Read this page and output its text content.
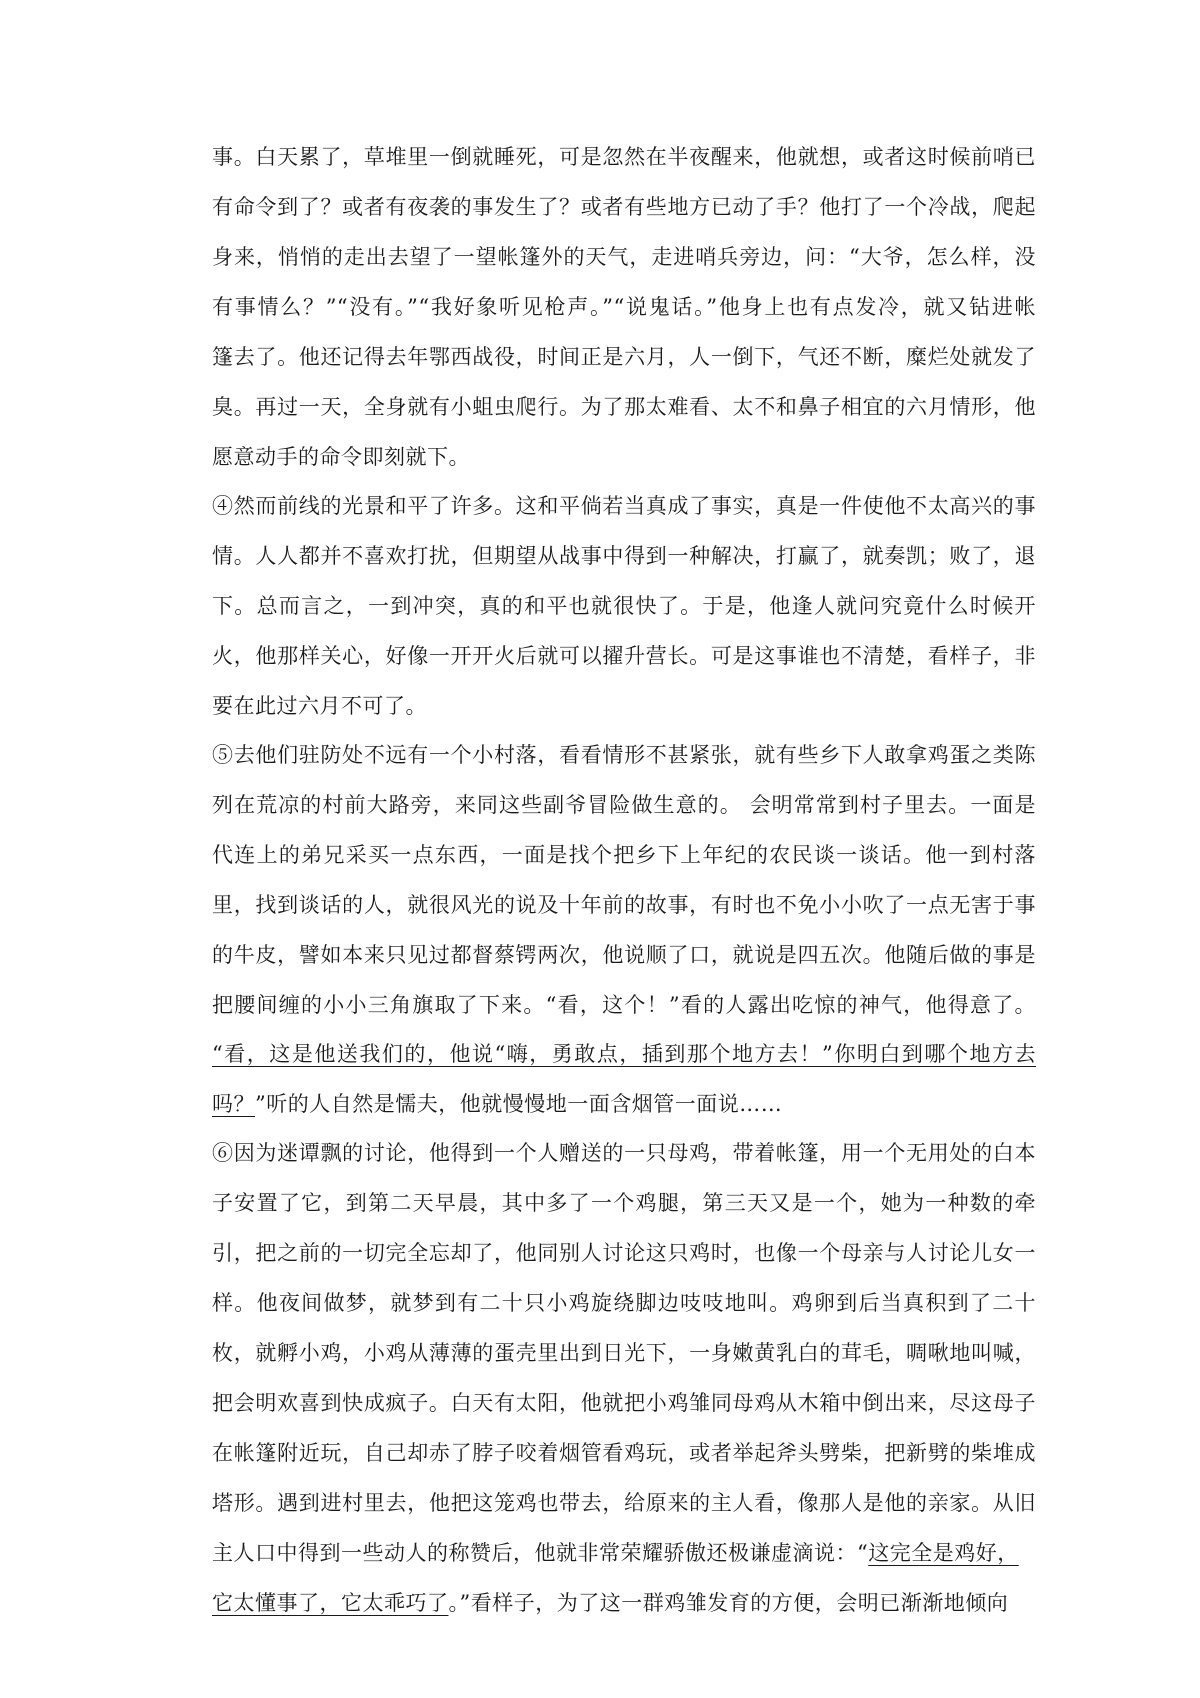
事。白天累了，草堆里一倒就睡死，可是忽然在半夜醒来，他就想，或者这时候前哨已
有命令到了？或者有夜袭的事发生了？或者有些地方已动了手？他打了一个冷战，爬起
身来，悄悄的走出去望了一望帐篷外的天气，走进哨兵旁边，问：“大爷，怎么样，没
有事情么？”“没有。”“我好象听见枪声。”“说鬼话。”他身上也有点发冷，就又钻进帐
篷去了。他还记得去年鄂西战役，时间正是六月，人一倒下，气还不断，糜烂处就发了
臭。再过一天，全身就有小蛆虫爬行。为了那太难看、太不和鼻子相宜的六月情形，他
愿意动手的命令即刻就下。
④然而前线的光景和平了许多。这和平倘若当真成了事实，真是一件使他不太高兴的事
情。人人都并不喜欢打扰，但期望从战事中得到一种解决，打赢了，就奏凯；败了，退
下。总而言之，一到冲突，真的和平也就很快了。于是，他逢人就问究竟什么时候开
火，他那样关心，好像一开开火后就可以擢升营长。可是这事谁也不清楚，看样子，非
要在此过六月不可了。
⑤去他们驻防处不远有一个小村落，看看情形不甚紧张，就有些乡下人敢拿鸡蛋之类陈
列在荒凉的村前大路旁，来同这些副爷冒险做生意的。 会明常常到村子里去。一面是
代连上的弟兄采买一点东西，一面是找个把乡下上年纪的农民谈一谈话。他一到村落
里，找到谈话的人，就很风光的说及十年前的故事，有时也不免小小吹了一点无害于事
的牛皮，譬如本来只见过都督蔡锷两次，他说顺了口，就说是四五次。他随后做的事是
把腰间缠的小小三角旗取了下来。“看，这个！”看的人露出吃惊的神气，他得意了。
“看，这是他送我们的，他说“嗨，勇敢点，插到那个地方去！”你明白到哪个地方去
吗？”听的人自然是懦夫，他就慢慢地一面含烟管一面说……
⑥因为迷谭飘的讨论，他得到一个人赠送的一只母鸡，带着帐篷，用一个无用处的白本
子安置了它，到第二天早晨，其中多了一个鸡腿，第三天又是一个，她为一种数的牵
引，把之前的一切完全忘却了，他同别人讨论这只鸡时，也像一个母亲与人讨论儿女一
样。他夜间做梦，就梦到有二十只小鸡旋绕脚边吱吱地叫。鸡卵到后当真积到了二十
枚，就孵小鸡，小鸡从薄薄的蛋壳里出到日光下，一身嫩黄乳白的茸毛，啁啾地叫喊，
把会明欢喜到快成疯子。白天有太阳，他就把小鸡雏同母鸡从木箱中倒出来，尽这母子
在帐篷附近玩，自己却赤了脖子咬着烟管看鸡玩，或者举起斧头劈柴，把新劈的柴堆成
塔形。遇到进村里去，他把这笼鸡也带去，给原来的主人看，像那人是他的亲家。从旧
主人口中得到一些动人的称赞后，他就非常荣耀骄傲还极谦虚滴说：“这完全是鸡好，
它太懂事了，它太乖巧了。”看样子，为了这一群鸡雏发育的方便，会明已渐渐地倾向
